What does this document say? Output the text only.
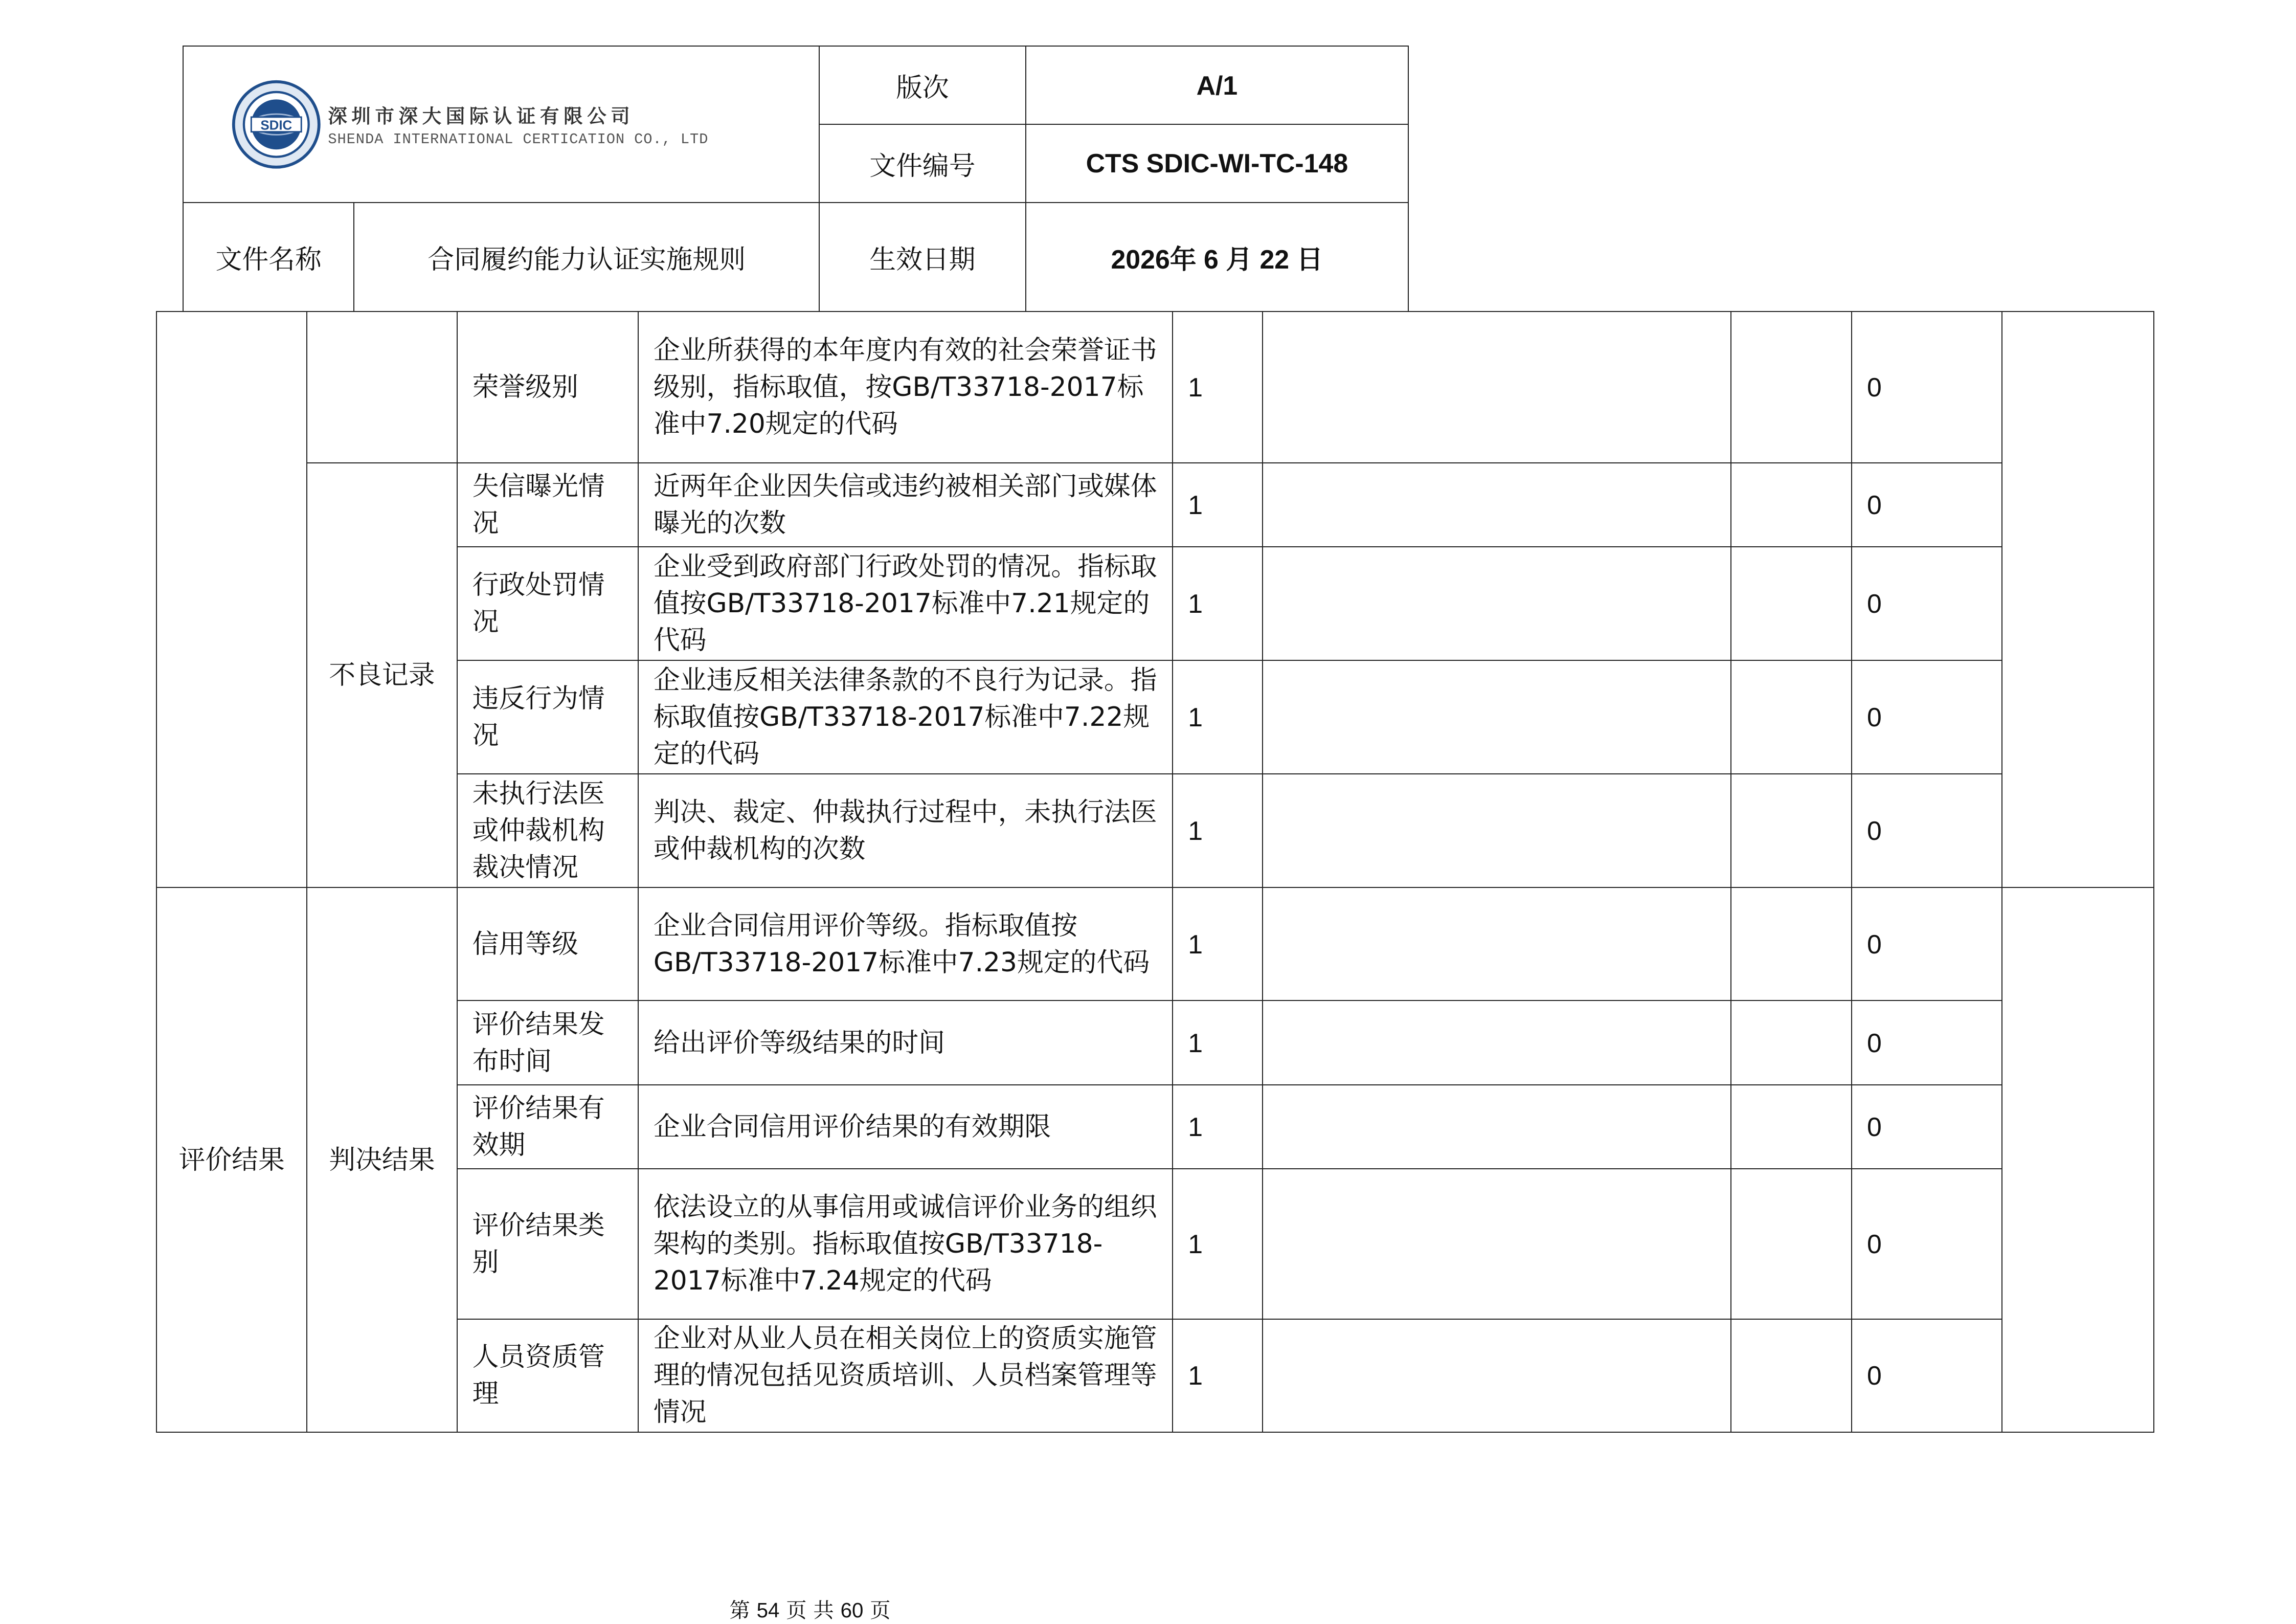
SDIC 深圳市深大国际认证有限公司
SHENDA INTERNATIONAL CERTICATION CO., LTD		版次	A/1
		文件编号	CTS SDIC-WI-TC-148
文件名称	合同履约能力认证实施规则	生效日期	2026年 6 月 22 日
		荣誉级别	企业所获得的本年度内有效的社会荣誉证书级别，指标取值，按GB/T33718-2017标准中7.20规定的代码	1			0	
	不良记录	失信曝光情况	近两年企业因失信或违约被相关部门或媒体曝光的次数	1			0	
		行政处罚情况	企业受到政府部门行政处罚的情况。指标取值按GB/T33718-2017标准中7.21规定的代码	1			0	
		违反行为情况	企业违反相关法律条款的不良行为记录。指标取值按GB/T33718-2017标准中7.22规定的代码	1			0	
		未执行法医或仲裁机构裁决情况	判决、裁定、仲裁执行过程中，未执行法医或仲裁机构的次数	1			0	
评价结果	判决结果	信用等级	企业合同信用评价等级。指标取值按GB/T33718-2017标准中7.23规定的代码	1			0	
		评价结果发布时间	给出评价等级结果的时间	1			0	
		评价结果有效期	企业合同信用评价结果的有效期限	1			0	
		评价结果类别	依法设立的从事信用或诚信评价业务的组织架构的类别。指标取值按GB/T33718-2017标准中7.24规定的代码	1			0	
		人员资质管理	企业对从业人员在相关岗位上的资质实施管理的情况包括见资质培训、人员档案管理等情况	1			0	
第 54 页 共 60 页
